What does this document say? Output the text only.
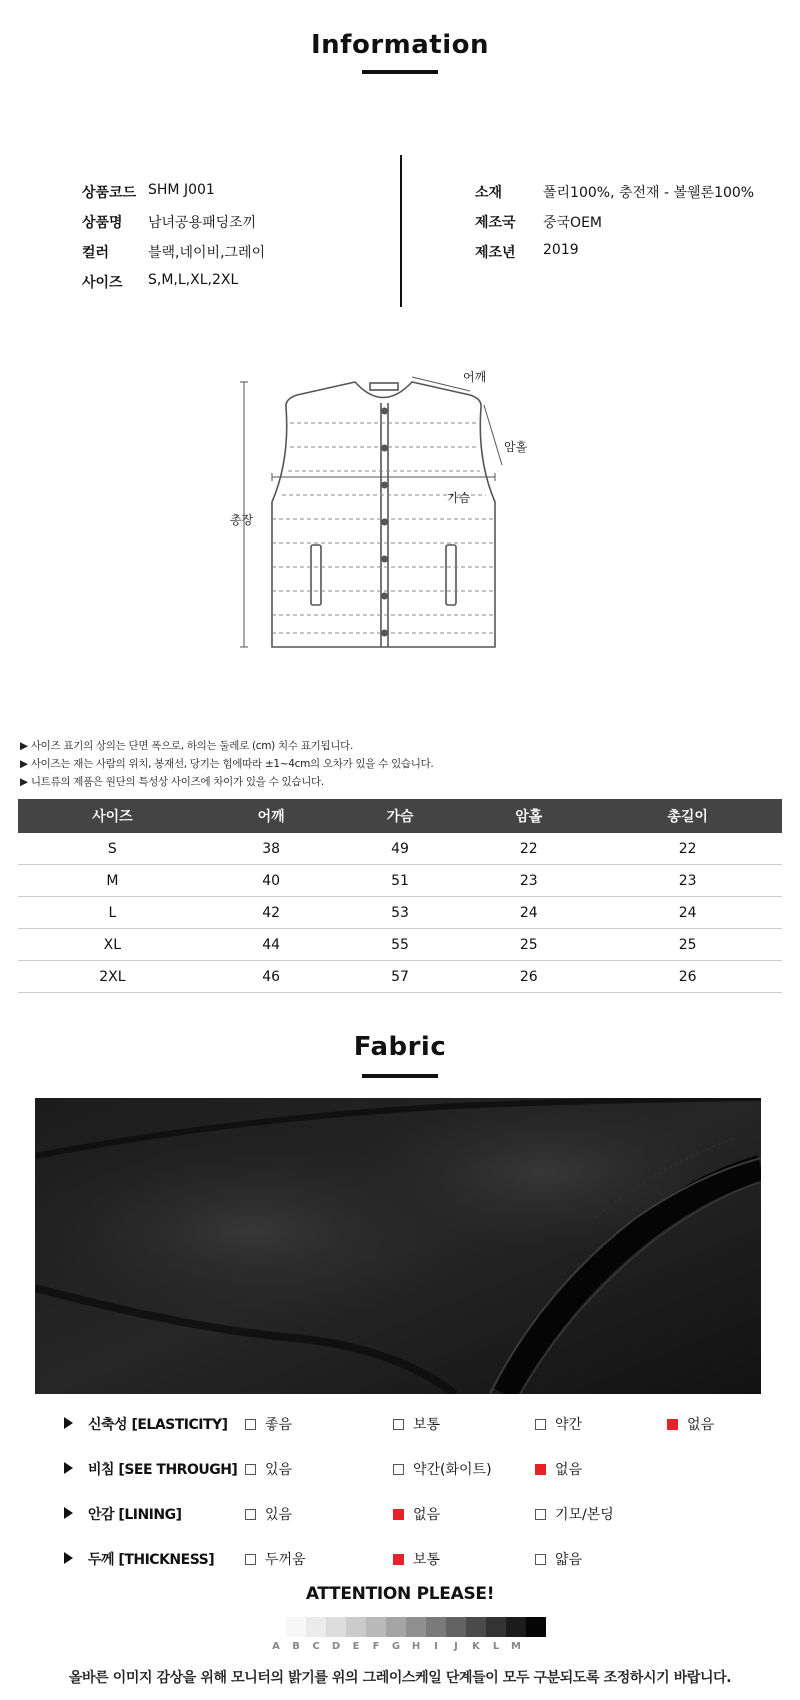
Information
상품코드 SHM J001
상품명	남녀공용패딩조끼
컬러	블랙,네이비,그레이
사이즈	S,M,L,XL,2XL
소재	폴리100%, 충전재 - 볼웰론100%
제조국	중국OEM
제조년	2019
어깨
암홀
가슴
총장
▶ 사이즈 표기의 상의는 단면 폭으로, 하의는 둘레로 (cm) 치수 표기됩니다.
▶ 사이즈는 재는 사람의 위치, 봉재선, 당기는 힘에따라 ±1~4cm의 오차가 있을 수 있습니다.
▶ 니트류의 제품은 원단의 특성상 사이즈에 차이가 있을 수 있습니다.
사이즈	어깨	가슴	암홀	총길이
S	38	49	22	22
M	40	51	23	23
L	42	53	24	24
XL	44	55	25	25
2XL	46	57	26	26
Fabric
신축성 [ELASTICITY]	좋음	보통	약간	없음
비침 [SEE THROUGH] 있음	약간(화이트)	없음
안감 [LINING]	있음	없음	기모/본딩
두께 [THICKNESS]	두꺼움	보통	얇음
ATTENTION PLEASE!
A	B	C	D	E	F	G	H	I	J	K	L	M
올바른 이미지 감상을 위해 모니터의 밝기를 위의 그레이스케일 단계들이 모두 구분되도록 조정하시기 바랍니다.
